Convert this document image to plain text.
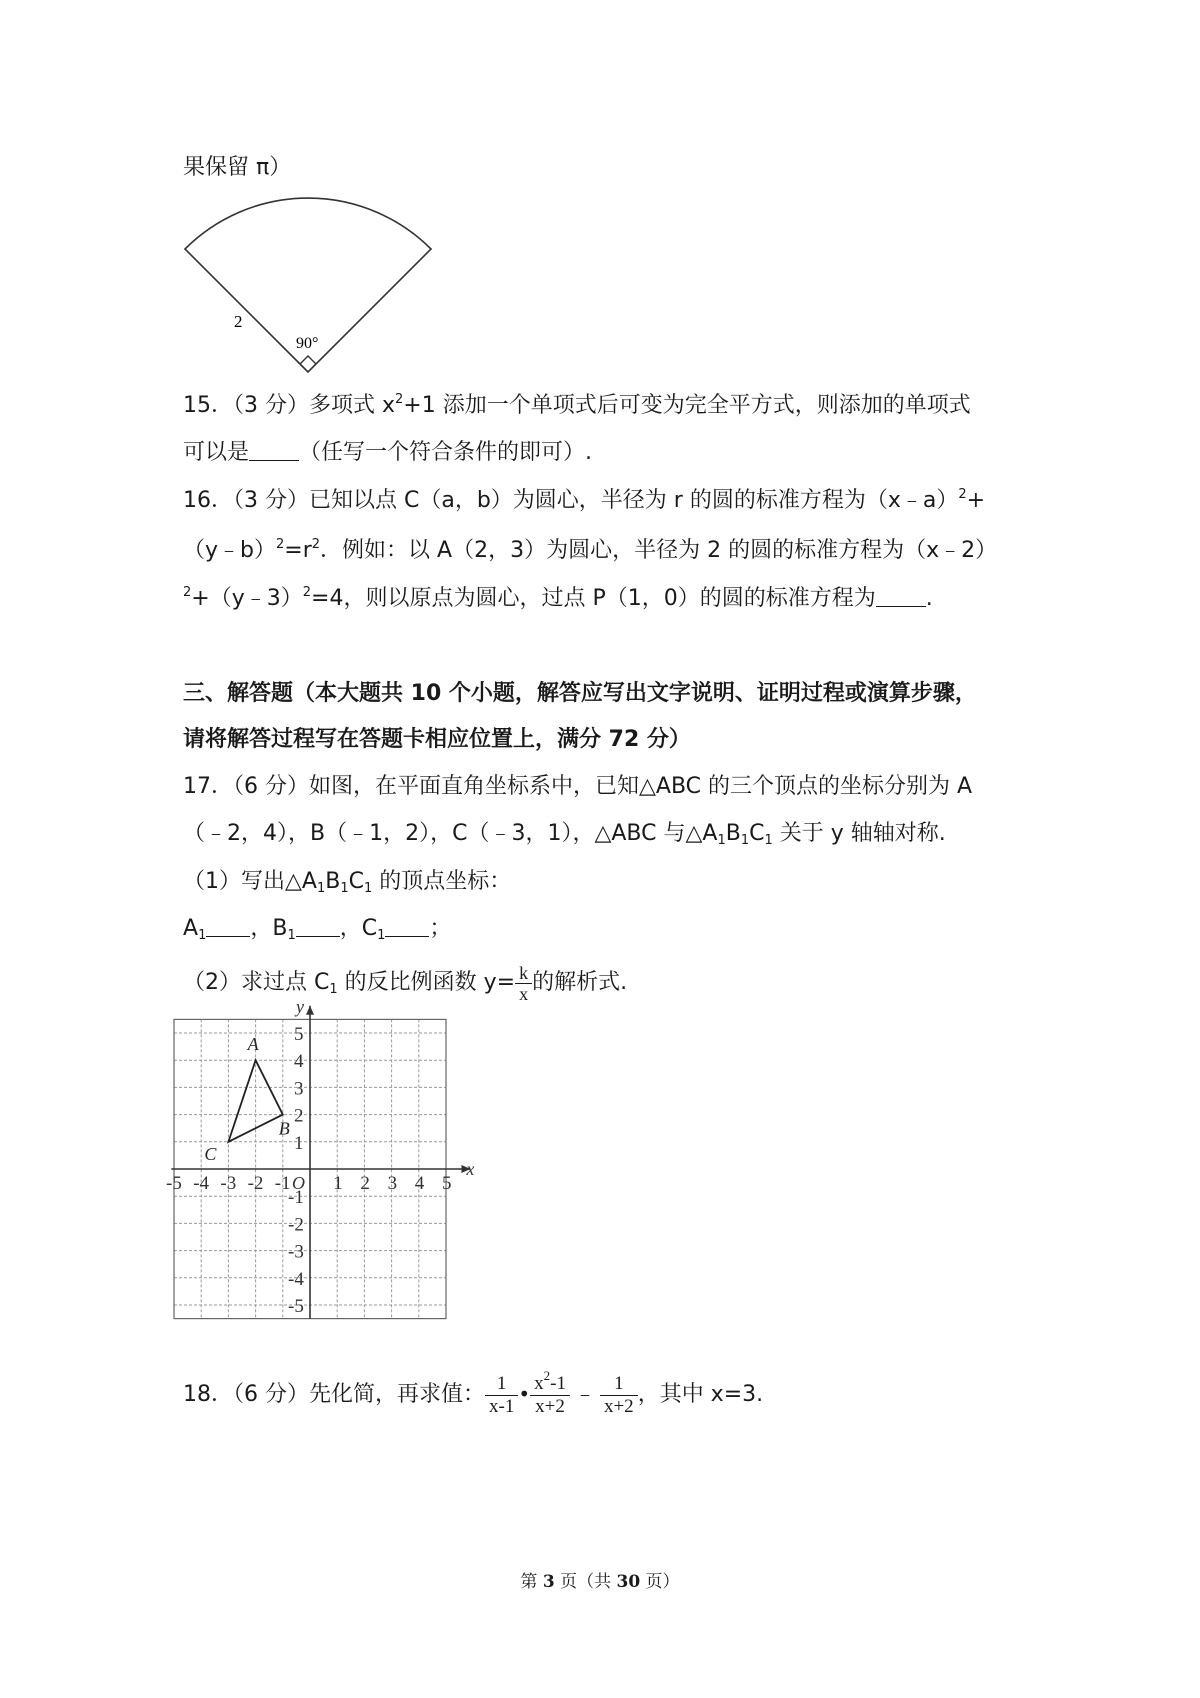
果保留 π）
2
90°
15．（3 分）多项式 $x^2+1$ 添加一个单项式后可变为完全平方式，则添加的单项式
可以是 （任写一个符合条件的即可）.
16．（3 分）已知以点 C（a，b）为圆心，半径为 r 的圆的标准方程为（x﹣a）$^2$+
$(y﹣b)^2=r^2$．例如：以 A（2，3）为圆心，半径为 2 的圆的标准方程为（x﹣2）
$^2$+（y﹣3）$^2$=4，则以原点为圆心，过点 P（1，0）的圆的标准方程为 .
三、解答题（本大题共 10 个小题，解答应写出文字说明、证明过程或演算步骤，
请将解答过程写在答题卡相应位置上，满分 72 分）
17．（6 分）如图，在平面直角坐标系中，已知△ABC 的三个顶点的坐标分别为 A
（﹣2，4），B（﹣1，2），C（﹣3，1），△ABC 与$\triangle A_1B_1C_1$ 关于 y 轴轴对称.
（1）写出$\triangle A_1B_1C_1$ 的顶点坐标：
$A_1$ ，$B_1$ ，$C_1$ ；
（2）求过点 $C_1$ 的反比例函数 $y= \frac{k}{x}$ 的解析式.
-5 -4 -3 -2 -1 1 2 3 4 5
5
4
3
2
1
-1
-2
-3
-4
-5
O
x
y
A
B
C
18．（6 分）先化简，再求值： $\frac{1}{x-1}$ • $\frac{x^2-1}{x+2}$ ﹣ $\frac{1}{x+2}$ ，其中 x=3.
第 3 页（共 30 页）
